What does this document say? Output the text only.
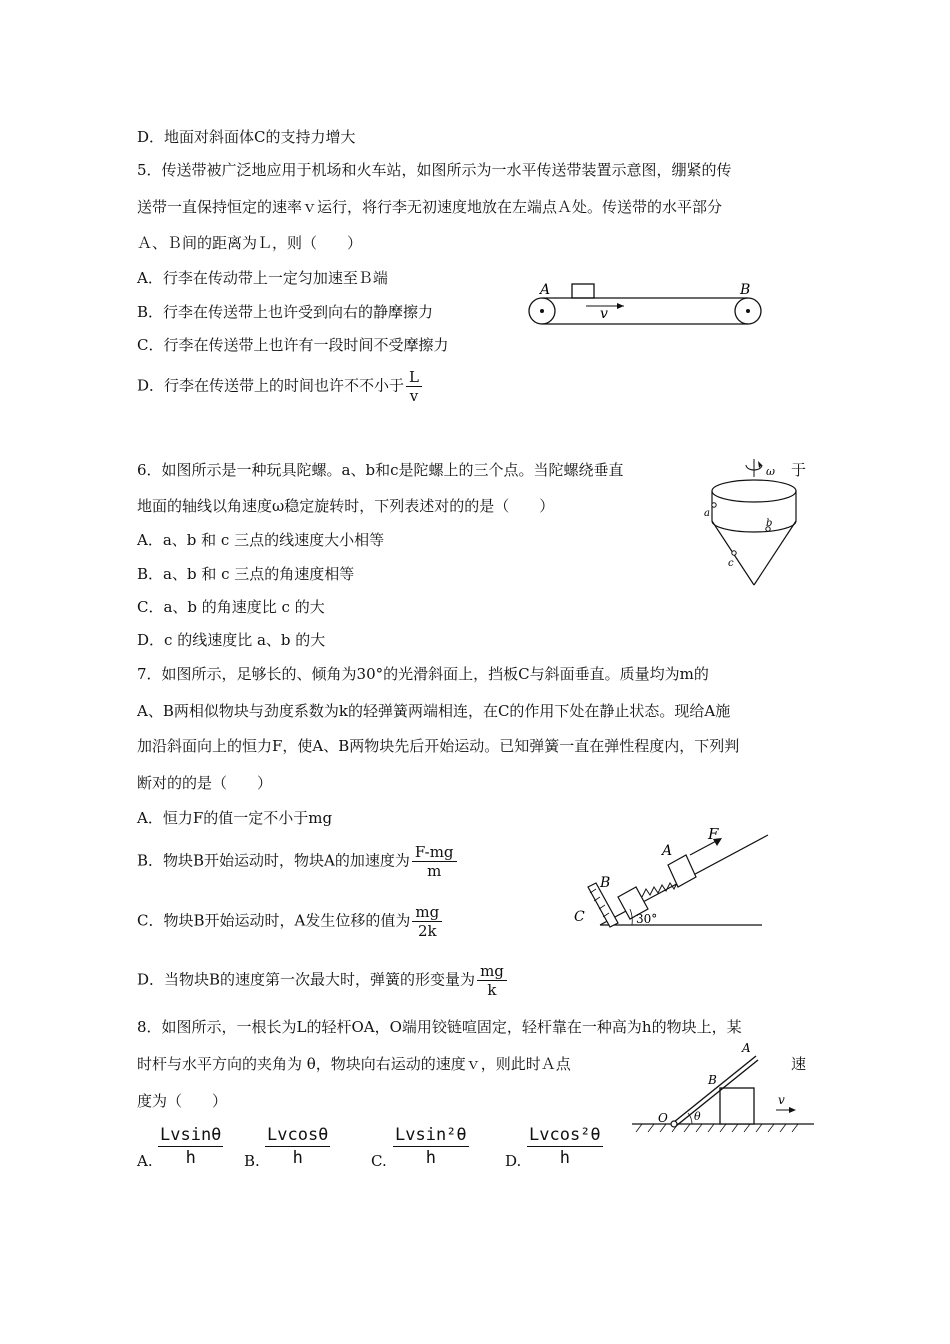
D．地面对斜面体C的支持力增大
5．传送带被广泛地应用于机场和火车站，如图所示为一水平传送带装置示意图，绷紧的传
送带一直保持恒定的速率ｖ运行，将行李无初速度地放在左端点Ａ处。传送带的水平部分
Ａ、Ｂ间的距离为Ｌ，则（　　）
A．行李在传动带上一定匀加速至Ｂ端
B．行李在传送带上也许受到向右的静摩擦力
C．行李在传送带上也许有一段时间不受摩擦力
D．行李在传送带上的时间也许不不小于 $\frac{L}{v}$
A	B
v
6．如图所示是一种玩具陀螺。a、b和c是陀螺上的三个点。当陀螺绕垂直	于
地面的轴线以角速度ω稳定旋转时，下列表述对的的是（　　）
A．a、b 和 c 三点的线速度大小相等
B．a、b 和 c 三点的角速度相等
C．a、b 的角速度比 c 的大
D．c 的线速度比 a、b 的大
ω
a
b
c
7．如图所示，足够长的、倾角为30°的光滑斜面上，挡板C与斜面垂直。质量均为m的
A、B两相似物块与劲度系数为k的轻弹簧两端相连，在C的作用下处在静止状态。现给A施
加沿斜面向上的恒力F，使A、B两物块先后开始运动。已知弹簧一直在弹性程度内，下列判
断对的的是（　　）
A．恒力F的值一定不小于mg
B．物块B开始运动时，物块A的加速度为 $\frac{F-mg}{m}$
C．物块B开始运动时，A发生位移的值为 $\frac{mg}{2k}$
D．当物块B的速度第一次最大时，弹簧的形变量为 $\frac{mg}{k}$
F
A
B
C	30°
8．如图所示，一根长为L的轻杆OA，O端用铰链喧固定，轻杆靠在一种高为h的物块上，某
时杆与水平方向的夹角为 θ，物块向右运动的速度ｖ，则此时Ａ点	速
度为（　　）
A
B
O θ
v
A.
Lvsinθ
h	B.
Lvcosθ
h	C.
Lvsin²θ
h	D.
Lvcos²θ
h
